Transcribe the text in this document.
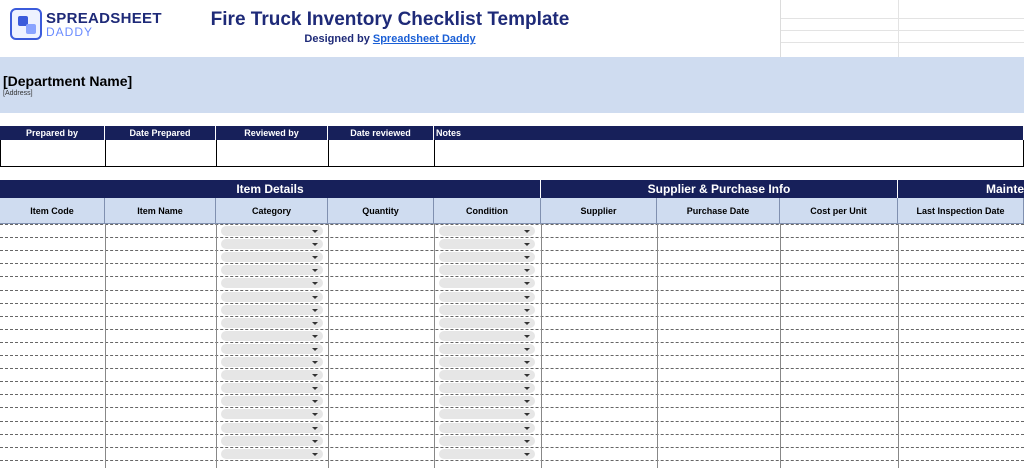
SPREADSHEET
DADDY
Fire Truck Inventory Checklist Template
Designed by Spreadsheet Daddy
[Department Name]
[Address]
Prepared by	Date Prepared	Reviewed by	Date reviewed	Notes
Item Details	Supplier & Purchase Info	Mainte
Item Code	Item Name	Category	Quantity	Condition	Supplier	Purchase Date	Cost per Unit	Last Inspection Date
